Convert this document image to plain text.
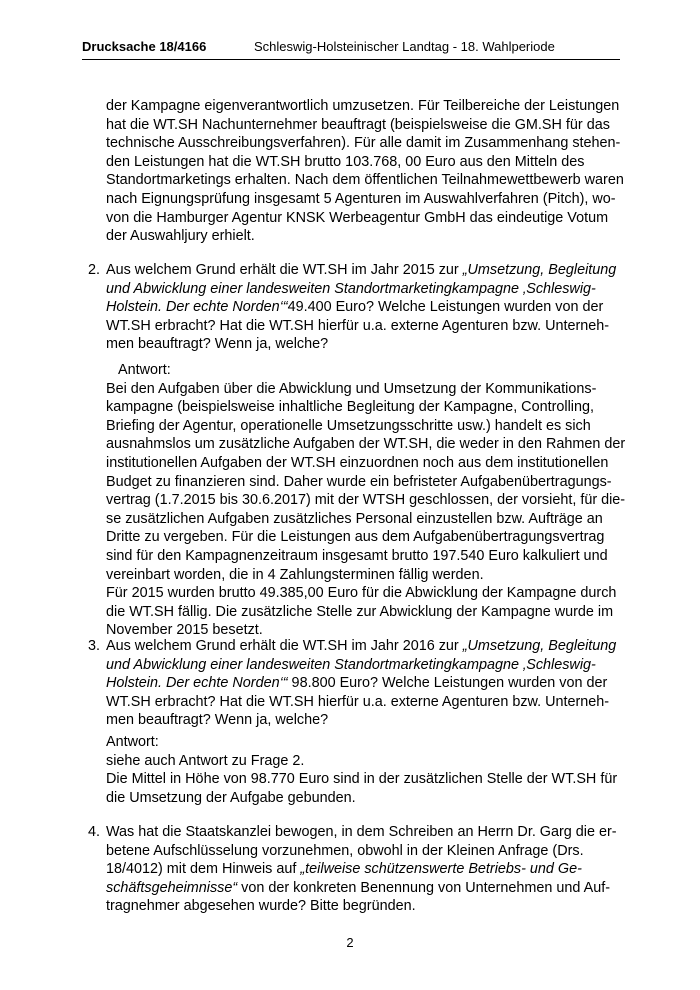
Drucksache 18/4166	Schleswig-Holsteinischer Landtag - 18. Wahlperiode

der Kampagne eigenverantwortlich umzusetzen. Für Teilbereiche der Leistungen

hat die WT.SH Nachunternehmer beauftragt (beispielsweise die GM.SH für das

technische Ausschreibungsverfahren). Für alle damit im Zusammenhang stehen-

den Leistungen hat die WT.SH brutto 103.768, 00 Euro aus den Mitteln des

Standortmarketings erhalten. Nach dem öffentlichen Teilnahmewettbewerb waren

nach Eignungsprüfung insgesamt 5 Agenturen im Auswahlverfahren (Pitch), wo-

von die Hamburger Agentur KNSK Werbeagentur GmbH das eindeutige Votum

der Auswahljury erhielt.

2. Aus welchem Grund erhält die WT.SH im Jahr 2015 zur „Umsetzung, Begleitung

und Abwicklung einer landesweiten Standortmarketingkampagne ‚Schleswig-

Holstein. Der echte Norden‘“49.400 Euro? Welche Leistungen wurden von der

WT.SH erbracht? Hat die WT.SH hierfür u.a. externe Agenturen bzw. Unterneh-

men beauftragt? Wenn ja, welche?

Antwort:

Bei den Aufgaben über die Abwicklung und Umsetzung der Kommunikations-

kampagne (beispielsweise inhaltliche Begleitung der Kampagne, Controlling,

Briefing der Agentur, operationelle Umsetzungsschritte usw.) handelt es sich

ausnahmslos um zusätzliche Aufgaben der WT.SH, die weder in den Rahmen der

institutionellen Aufgaben der WT.SH einzuordnen noch aus dem institutionellen

Budget zu finanzieren sind. Daher wurde ein befristeter Aufgabenübertragungs-

vertrag (1.7.2015 bis 30.6.2017) mit der WTSH geschlossen, der vorsieht, für die-

se zusätzlichen Aufgaben zusätzliches Personal einzustellen bzw. Aufträge an

Dritte zu vergeben. Für die Leistungen aus dem Aufgabenübertragungsvertrag

sind für den Kampagnenzeitraum insgesamt brutto 197.540 Euro kalkuliert und

vereinbart worden, die in 4 Zahlungsterminen fällig werden.

Für 2015 wurden brutto 49.385,00 Euro für die Abwicklung der Kampagne durch

die WT.SH fällig. Die zusätzliche Stelle zur Abwicklung der Kampagne wurde im

November 2015 besetzt.

3. Aus welchem Grund erhält die WT.SH im Jahr 2016 zur „Umsetzung, Begleitung

und Abwicklung einer landesweiten Standortmarketingkampagne ‚Schleswig-

Holstein. Der echte Norden‘“ 98.800 Euro? Welche Leistungen wurden von der

WT.SH erbracht? Hat die WT.SH hierfür u.a. externe Agenturen bzw. Unterneh-

men beauftragt? Wenn ja, welche?

Antwort:

siehe auch Antwort zu Frage 2.

Die Mittel in Höhe von 98.770 Euro sind in der zusätzlichen Stelle der WT.SH für

die Umsetzung der Aufgabe gebunden.

4. Was hat die Staatskanzlei bewogen, in dem Schreiben an Herrn Dr. Garg die er-

betene Aufschlüsselung vorzunehmen, obwohl in der Kleinen Anfrage (Drs.

18/4012) mit dem Hinweis auf „teilweise schützenswerte Betriebs- und Ge-

schäftsgeheimnisse“ von der konkreten Benennung von Unternehmen und Auf-

tragnehmer abgesehen wurde? Bitte begründen.

2
